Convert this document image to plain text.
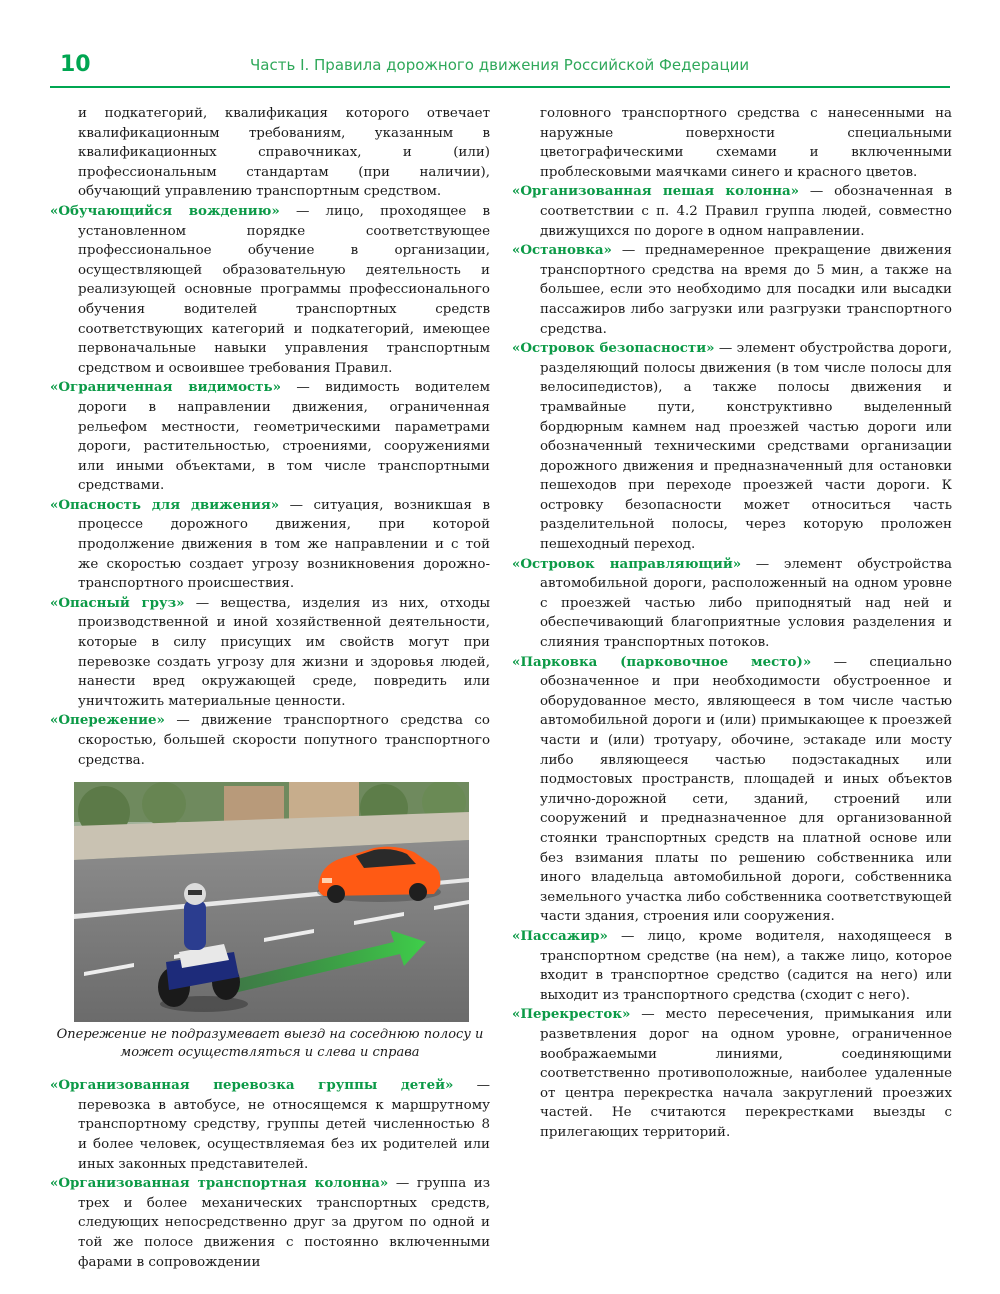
10	Часть I. Правила дорожного движения Российской Федерации

и подкатегорий, квалификация которого отвечает квалификационным требованиям, указанным в квалификационных справочниках, и (или) профессиональным стандартам (при наличии), обучающий управлению транспортным средством.

«Обучающийся вождению» — лицо, проходящее в установленном порядке соответствующее профессиональное обучение в организации, осуществляющей образовательную деятельность и реализующей основные программы профессионального обучения водителей транспортных средств соответствующих категорий и подкатегорий, имеющее первоначальные навыки управления транспортным средством и освоившее требования Правил.

«Ограниченная видимость» — видимость водителем дороги в направлении движения, ограниченная рельефом местности, геометрическими параметрами дороги, растительностью, строениями, сооружениями или иными объектами, в том числе транспортными средствами.

«Опасность для движения» — ситуация, возникшая в процессе дорожного движения, при которой продолжение движения в том же направлении и с той же скоростью создает угрозу возникновения дорожно-транспортного происшествия.

«Опасный груз» — вещества, изделия из них, отходы производственной и иной хозяйственной деятельности, которые в силу присущих им свойств могут при перевозке создать угрозу для жизни и здоровья людей, нанести вред окружающей среде, повредить или уничтожить материальные ценности.

«Опережение» — движение транспортного средства со скоростью, большей скорости попутного транспортного средства.

Опережение не подразумевает выезд на соседнюю полосу и может осуществляться и слева и справа

«Организованная перевозка группы детей» — перевозка в автобусе, не относящемся к маршрутному транспортному средству, группы детей численностью 8 и более человек, осуществляемая без их родителей или иных законных представителей.

«Организованная транспортная колонна» — группа из трех и более механических транспортных средств, следующих непосредственно друг за другом по одной и той же полосе движения с постоянно включенными фарами в сопровождении

головного транспортного средства с нанесенными на наружные поверхности специальными цветографическими схемами и включенными проблесковыми маячками синего и красного цветов.

«Организованная пешая колонна» — обозначенная в соответствии с п. 4.2 Правил группа людей, совместно движущихся по дороге в одном направлении.

«Остановка» — преднамеренное прекращение движения транспортного средства на время до 5 мин, а также на большее, если это необходимо для посадки или высадки пассажиров либо загрузки или разгрузки транспортного средства.

«Островок безопасности» — элемент обустройства дороги, разделяющий полосы движения (в том числе полосы для велосипедистов), а также полосы движения и трамвайные пути, конструктивно выделенный бордюрным камнем над проезжей частью дороги или обозначенный техническими средствами организации дорожного движения и предназначенный для остановки пешеходов при переходе проезжей части дороги. К островку безопасности может относиться часть разделительной полосы, через которую проложен пешеходный переход.

«Островок направляющий» — элемент обустройства автомобильной дороги, расположенный на одном уровне с проезжей частью либо приподнятый над ней и обеспечивающий благоприятные условия разделения и слияния транспортных потоков.

«Парковка (парковочное место)» — специально обозначенное и при необходимости обустроенное и оборудованное место, являющееся в том числе частью автомобильной дороги и (или) примыкающее к проезжей части и (или) тротуару, обочине, эстакаде или мосту либо являющееся частью подэстакадных или подмостовых пространств, площадей и иных объектов улично-дорожной сети, зданий, строений или сооружений и предназначенное для организованной стоянки транспортных средств на платной основе или без взимания платы по решению собственника или иного владельца автомобильной дороги, собственника земельного участка либо собственника соответствующей части здания, строения или сооружения.

«Пассажир» — лицо, кроме водителя, находящееся в транспортном средстве (на нем), а также лицо, которое входит в транспортное средство (садится на него) или выходит из транспортного средства (сходит с него).

«Перекресток» — место пересечения, примыкания или разветвления дорог на одном уровне, ограниченное воображаемыми линиями, соединяющими соответственно противоположные, наиболее удаленные от центра перекрестка начала закруглений проезжих частей. Не считаются перекрестками выезды с прилегающих территорий.
